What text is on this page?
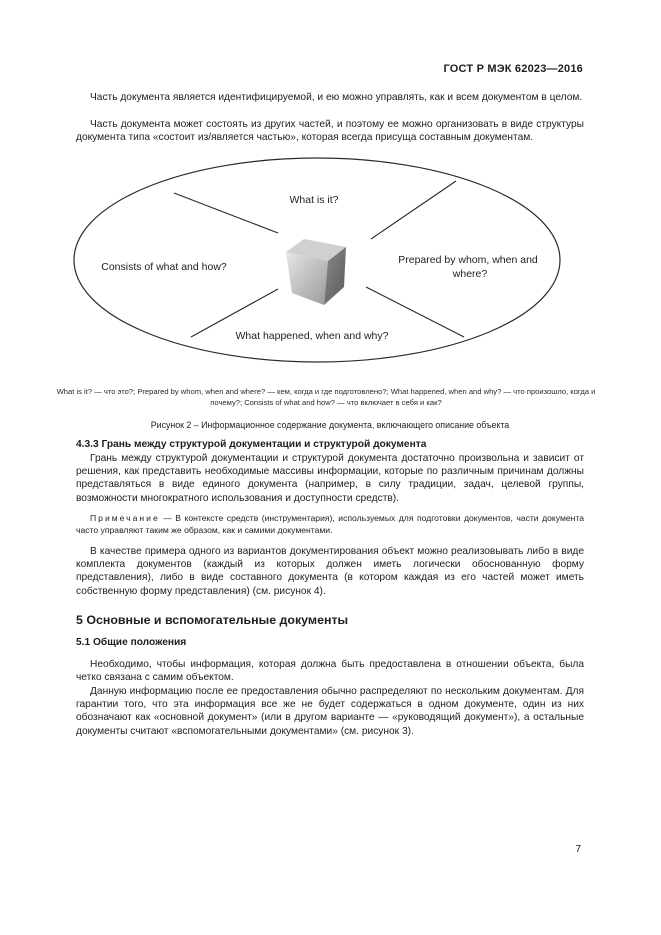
ГОСТ Р МЭК 62023—2016
Часть документа является идентифицируемой, и ею можно управлять, как и всем документом в целом.
Часть документа может состоять из других частей, и поэтому ее можно организовать в виде структуры документа типа «состоит из/является частью», которая всегда присуща составным документам.
What is it?
Prepared by whom, when and
where?
Consists of what and how?
What happened, when and why?
What is it? — что это?; Prepared by whom, when and where? — кем, когда и где подготовлено?; What happened, when and why? — что произошло, когда и почему?; Consists of what and how? — что включает в себя и как?
Рисунок 2 – Информационное содержание документа, включающего описание объекта
4.3.3 Грань между структурой документации и структурой документа
Грань между структурой документации и структурой документа достаточно произвольна и зависит от решения, как представить необходимые массивы информации, которые по различным причинам должны представляться в виде единого документа (например, в силу традиции, задач, целевой группы, возможности многократного использования и доступности средств).
Примечание — В контексте средств (инструментария), используемых для подготовки документов, части документа часто управляют таким же образом, как и самими документами.
В качестве примера одного из вариантов документирования объект можно реализовывать либо в виде комплекта документов (каждый из которых должен иметь логически обоснованную форму представления), либо в виде составного документа (в котором каждая из его частей может иметь собственную форму представления) (см. рисунок 4).
5 Основные и вспомогательные документы
5.1 Общие положения
Необходимо, чтобы информация, которая должна быть предоставлена в отношении объекта, была четко связана с самим объектом.
Данную информацию после ее предоставления обычно распределяют по нескольким документам. Для гарантии того, что эта информация все же не будет содержаться в одном документе, один из них обозначают как «основной документ» (или в другом варианте — «руководящий документ»), а остальные документы считают «вспомогательными документами» (см. рисунок 3).
7
